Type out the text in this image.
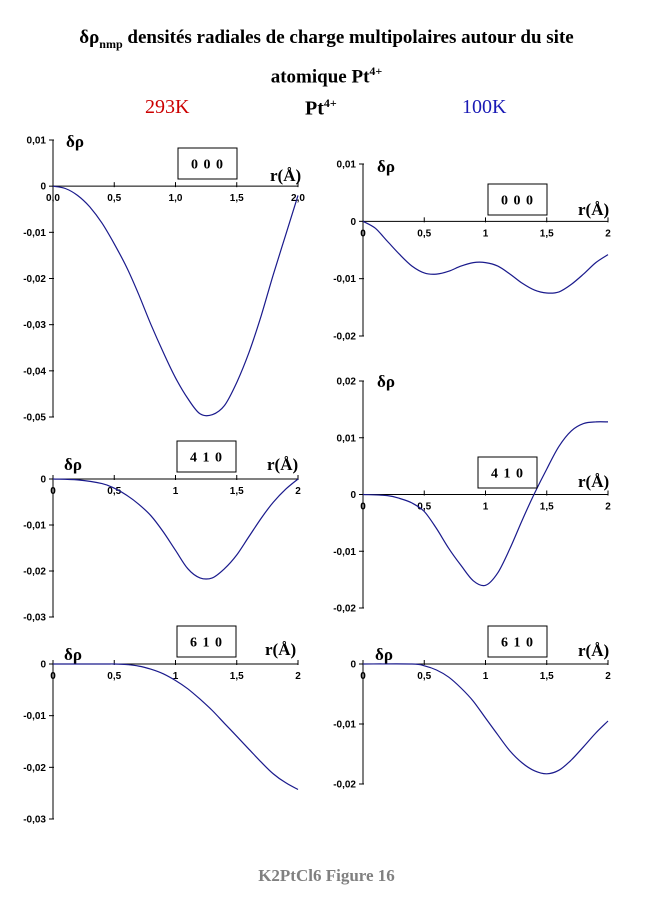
$\delta\rho_{nmp}$ densités radiales de charge multipolaires autour du site
atomique $Pt^{4+}$
293K	$Pt^{4+}$	100K
0,01
0
-0,01
-0,02
-0,03
-0,04
-0,05
0,0	0,5	1,0	1,5	2,0
0 0 0
r(Å)
δρ
0
-0,01
-0,02
-0,03
0	0,5	1	1,5	2
4 1 0	r(Å)
δρ
0
-0,01
-0,02
-0,03
0	0,5	1	1,5	2
6 1 0 r(Å)
δρ
0,01
0
-0,01
-0,02
0	0,5	1	1,5	2
0 0 0	r(Å)
δρ
0,02
0,01
0
-0,01
-0,02
0	0,5	1	1,5	2
4 1 0	r(Å)
δρ
0
-0,01
-0,02
0	0,5	1	1,5	2
6 1 0	r(Å)
δρ
K2PtCl6 Figure 16
